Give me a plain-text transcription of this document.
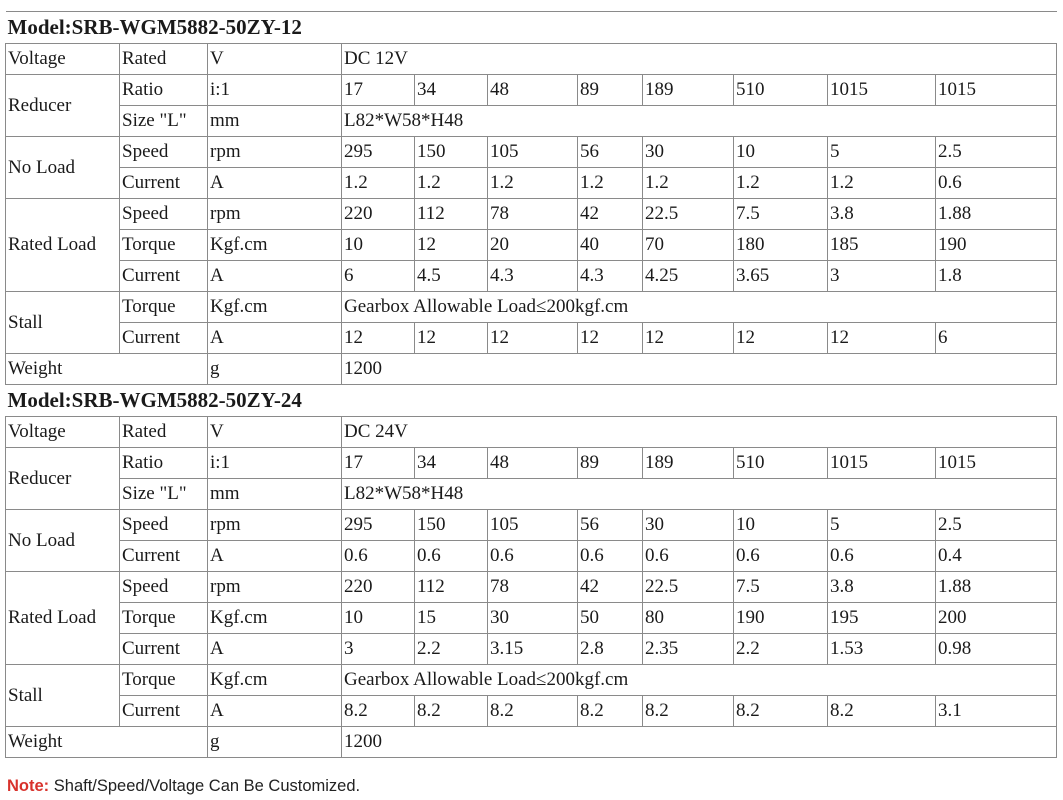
Model:SRB-WGM5882-50ZY-12										
Voltage	Rated	V	DC 12V							
Reducer	Ratio	i:1	17	34	48	89	189	510	1015	1015
	Size "L"	mm	L82*W58*H48							
No Load	Speed	rpm	295	150	105	56	30	10	5	2.5
	Current	A	1.2	1.2	1.2	1.2	1.2	1.2	1.2	0.6
Rated Load	Speed	rpm	220	112	78	42	22.5	7.5	3.8	1.88
	Torque	Kgf.cm	10	12	20	40	70	180	185	190
	Current	A	6	4.5	4.3	4.3	4.25	3.65	3	1.8
Stall	Torque	Kgf.cm	Gearbox Allowable Load≤200kgf.cm							
	Current	A	12	12	12	12	12	12	12	6
Weight		g	1200							
Model:SRB-WGM5882-50ZY-24										
Voltage	Rated	V	DC 24V							
Reducer	Ratio	i:1	17	34	48	89	189	510	1015	1015
	Size "L"	mm	L82*W58*H48							
No Load	Speed	rpm	295	150	105	56	30	10	5	2.5
	Current	A	0.6	0.6	0.6	0.6	0.6	0.6	0.6	0.4
Rated Load	Speed	rpm	220	112	78	42	22.5	7.5	3.8	1.88
	Torque	Kgf.cm	10	15	30	50	80	190	195	200
	Current	A	3	2.2	3.15	2.8	2.35	2.2	1.53	0.98
Stall	Torque	Kgf.cm	Gearbox Allowable Load≤200kgf.cm							
	Current	A	8.2	8.2	8.2	8.2	8.2	8.2	8.2	3.1
Weight		g	1200							
Note: Shaft/Speed/Voltage Can Be Customized.
